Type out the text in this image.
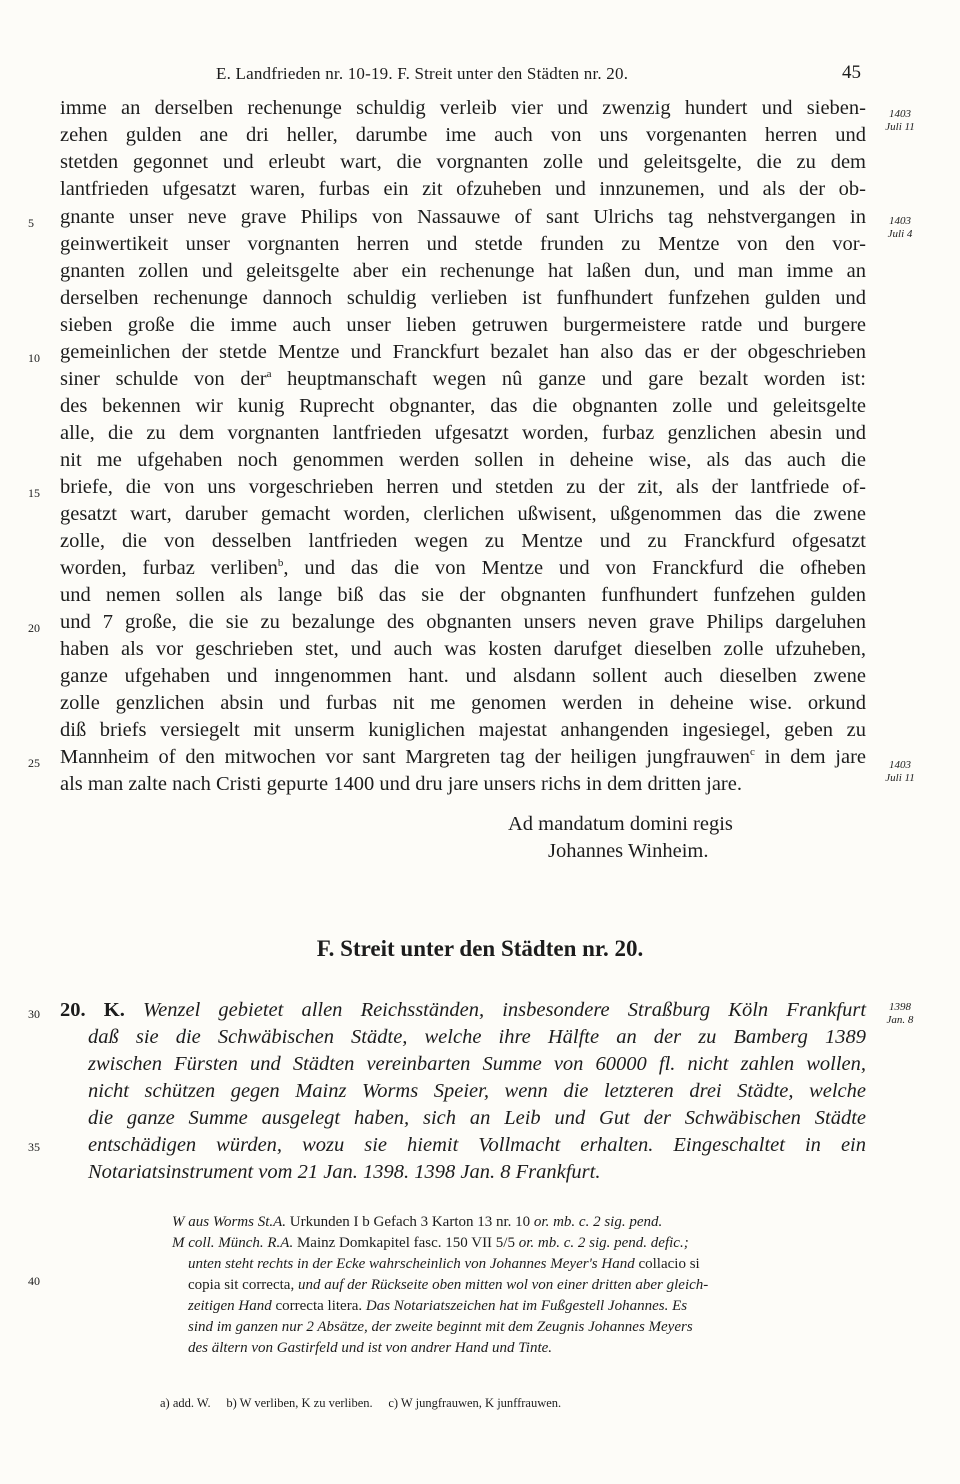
E. Landfrieden nr. 10-19. F. Streit unter den Städten nr. 20.	45
imme an derselben rechenunge schuldig verleib vier und zwenzig hundert und sieben-
zehen gulden ane dri heller, darumbe ime auch von uns vorgenanten herren und
stetden gegonnet und erleubt wart, die vorgnanten zolle und geleitsgelte, die zu dem
lantfrieden ufgesatzt waren, furbas ein zit ofzuheben und innzunemen, und als der ob-
gnante unser neve grave Philips von Nassauwe of sant Ulrichs tag nehstvergangen in
geinwertikeit unser vorgnanten herren und stetde frunden zu Mentze von den vor-
gnanten zollen und geleitsgelte aber ein rechenunge hat laßen dun, und man imme an
derselben rechenunge dannoch schuldig verlieben ist funfhundert funfzehen gulden und
sieben große die imme auch unser lieben getruwen burgermeistere ratde und burgere
gemeinlichen der stetde Mentze und Franckfurt bezalet han also das er der obgeschrieben
siner schulde von der$^a$ heuptmanschaft wegen nû ganze und gare bezalt worden ist:
des bekennen wir kunig Ruprecht obgnanter, das die obgnanten zolle und geleitsgelte
alle, die zu dem vorgnanten lantfrieden ufgesatzt worden, furbaz genzlichen abesin und
nit me ufgehaben noch genommen werden sollen in deheine wise, als das auch die
briefe, die von uns vorgeschrieben herren und stetden zu der zit, als der lantfriede of-
gesatzt wart, daruber gemacht worden, clerlichen ußwisent, ußgenommen das die zwene
zolle, die von desselben lantfrieden wegen zu Mentze und zu Franckfurd ofgesatzt
worden, furbaz verliben$^b$, und das die von Mentze und von Franckfurd die ofheben
und nemen sollen als lange biß das sie der obgnanten funfhundert funfzehen gulden
und 7 große, die sie zu bezalunge des obgnanten unsers neven grave Philips dargeluhen
haben als vor geschrieben stet, und auch was kosten darufget dieselben zolle ufzuheben,
ganze ufgehaben und inngenommen hant. und alsdann sollent auch dieselben zwene
zolle genzlichen absin und furbas nit me genomen werden in deheine wise. orkund
diß briefs versiegelt mit unserm kuniglichen majestat anhangenden ingesiegel, geben zu
Mannheim of den mitwochen vor sant Margreten tag der heiligen jungfrauwen$^c$ in dem jare
als man zalte nach Cristi gepurte 1400 und dru jare unsers richs in dem dritten jare.
5
10
15
20
25
30
35
40
1403
Juli 11
1403
Juli 4
1403
Juli 11
1398
Jan. 8
Ad mandatum domini regis
Johannes Winheim.
F. Streit unter den Städten nr. 20.
20. K. Wenzel gebietet allen Reichsständen, insbesondere Straßburg Köln Frankfurt
daß sie die Schwäbischen Städte, welche ihre Hälfte an der zu Bamberg 1389
zwischen Fürsten und Städten vereinbarten Summe von 60000 fl. nicht zahlen wollen,
nicht schützen gegen Mainz Worms Speier, wenn die letzteren drei Städte, welche
die ganze Summe ausgelegt haben, sich an Leib und Gut der Schwäbischen Städte
entschädigen würden, wozu sie hiemit Vollmacht erhalten. Eingeschaltet in ein
Notariatsinstrument vom 21 Jan. 1398. 1398 Jan. 8 Frankfurt.
W aus Worms St.A. Urkunden I b Gefach 3 Karton 13 nr. 10 or. mb. c. 2 sig. pend.
M coll. Münch. R.A. Mainz Domkapitel fasc. 150 VII 5/5 or. mb. c. 2 sig. pend. defic.;
unten steht rechts in der Ecke wahrscheinlich von Johannes Meyer's Hand collacio si
copia sit correcta, und auf der Rückseite oben mitten wol von einer dritten aber gleich-
zeitigen Hand correcta litera. Das Notariatszeichen hat im Fußgestell Johannes. Es
sind im ganzen nur 2 Absätze, der zweite beginnt mit dem Zeugnis Johannes Meyers
des ältern von Gastirfeld und ist von andrer Hand und Tinte.
a) add. W. b) W verliben, K zu verliben. c) W jungfrauwen, K junffrauwen.
